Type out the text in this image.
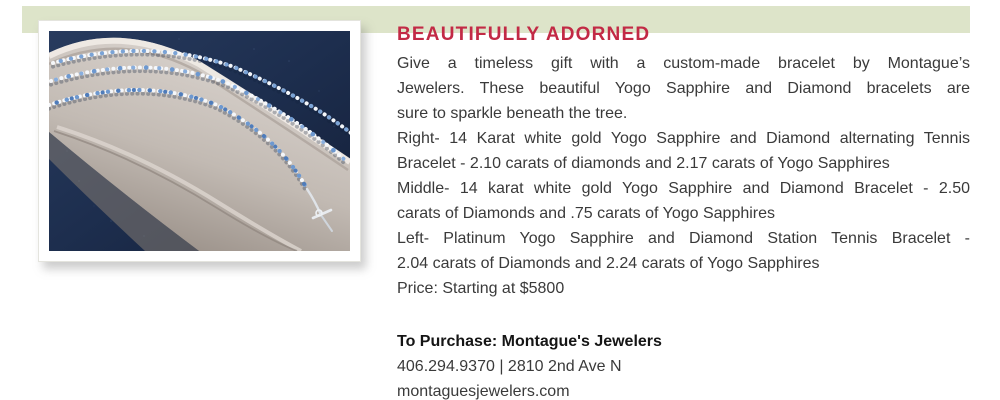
BEAUTIFULLY ADORNED
Give a timeless gift with a custom-made bracelet by Montague’s
Jewelers. These beautiful Yogo Sapphire and Diamond bracelets are
sure to sparkle beneath the tree.
Right- 14 Karat white gold Yogo Sapphire and Diamond alternating Tennis
Bracelet - 2.10 carats of diamonds and 2.17 carats of Yogo Sapphires
Middle- 14 karat white gold Yogo Sapphire and Diamond Bracelet - 2.50
carats of Diamonds and .75 carats of Yogo Sapphires
Left- Platinum Yogo Sapphire and Diamond Station Tennis Bracelet -
2.04 carats of Diamonds and 2.24 carats of Yogo Sapphires
Price: Starting at $5800
To Purchase: Montague's Jewelers
406.294.9370 | 2810 2nd Ave N
montaguesjewelers.com
